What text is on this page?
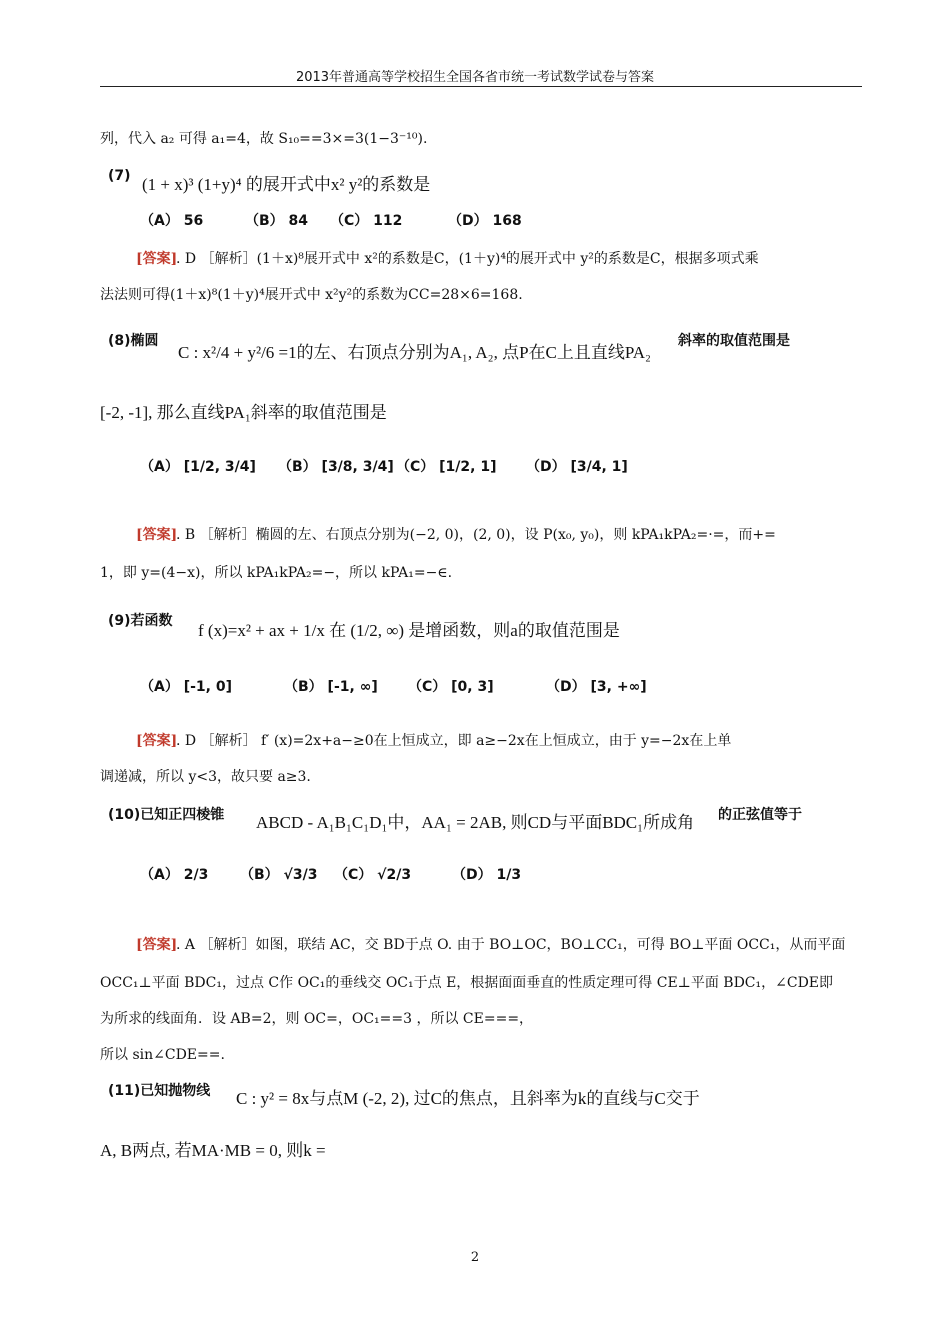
2013年普通高等学校招生全国各省市统一考试数学试卷与答案
列，代入 a₂ 可得 a₁=4，故 S₁₀==3×=3(1−3⁻¹⁰).
(7) (1 + x)³ (1+y)⁴ 的展开式中x² y²的系数是
（A） 56	（B） 84 （C） 112	（D） 168
[答案]
. D ［解析］(1＋x)⁸展开式中 x²的系数是C，(1＋y)⁴的展开式中 y²的系数是C，根据多项式乘
法法则可得(1＋x)⁸(1＋y)⁴展开式中 x²y²的系数为CC=28×6=168.
(8)椭圆
C : x²/4 + y²/6 =1的左、右顶点分别为A₁, A₂, 点P在C上且直线PA₂
斜率的取值范围是
[-2, -1], 那么直线PA₁斜率的取值范围是
（A） [1/2, 3/4] （B） [3/8, 3/4] （C） [1/2, 1] （D） [3/4, 1]
[答案]
. B ［解析］椭圆的左、右顶点分别为(−2, 0)，(2, 0)，设 P(x₀, y₀)，则 kPA₁kPA₂=·=，而+=
1，即 y=(4−x)，所以 kPA₁kPA₂=−，所以 kPA₁=−∈.
(9)若函数 f (x)=x² + ax + 1/x 在 (1/2, ∞) 是增函数，则a的取值范围是
（A） [-1, 0]	（B） [-1, ∞] （C） [0, 3]	（D） [3, +∞]
[答案]
. D ［解析］ f′ (x)=2x+a−≥0在上恒成立，即 a≥−2x在上恒成立，由于 y=−2x在上单
调递减，所以 y<3，故只要 a≥3.
(10)已知正四棱锥 ABCD - A₁B₁C₁D₁中，AA₁ = 2AB, 则CD与平面BDC₁所成角 的正弦值等于
（A） 2/3 （B） √3/3 （C） √2/3	（D） 1/3
[答案]
. A ［解析］如图，联结 AC，交 BD于点 O. 由于 BO⊥OC，BO⊥CC₁，可得 BO⊥平面 OCC₁，从而平面
OCC₁⊥平面 BDC₁，过点 C作 OC₁的垂线交 OC₁于点 E，根据面面垂直的性质定理可得 CE⊥平面 BDC₁，∠CDE即
为所求的线面角．设 AB=2，则 OC=，OC₁==3 ，所以 CE===，
所以 sin∠CDE==.
(11)已知抛物线 C : y² = 8x与点M (-2, 2), 过C的焦点，且斜率为k的直线与C交于
A, B两点, 若MA·MB = 0, 则k =
2
